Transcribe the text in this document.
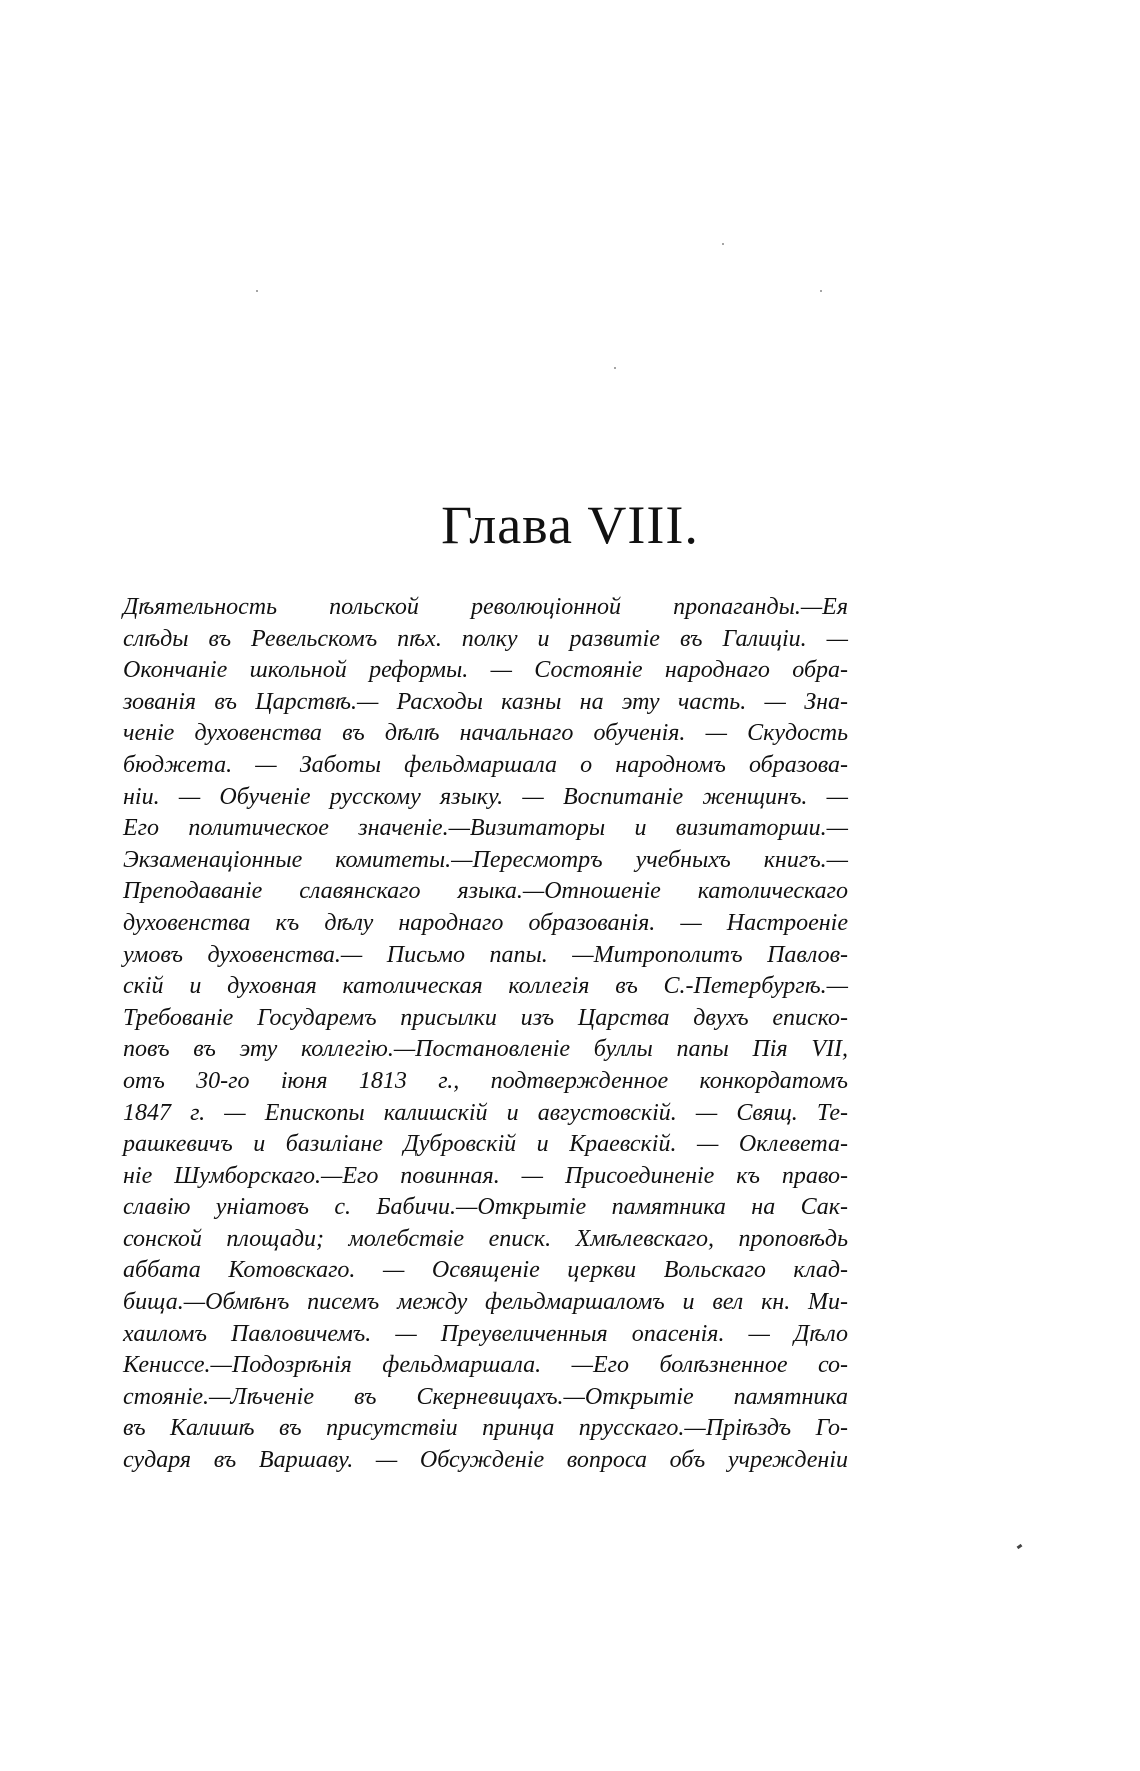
Глава VIII.
Дѣятельность польской революціонной пропаганды.—Ея
слѣды въ Ревельскомъ пѣх. полку и развитіе въ Галиціи. —
Окончаніе школьной реформы. — Состояніе народнаго обра-
зованія въ Царствѣ.— Расходы казны на эту часть. — Зна-
ченіе духовенства въ дѣлѣ начальнаго обученія. — Скудость
бюджета. — Заботы фельдмаршала о народномъ образова-
ніи. — Обученіе русскому языку. — Воспитаніе женщинъ. —
Его политическое значеніе.—Визитаторы и визитаторши.—
Экзаменаціонные комитеты.—Пересмотръ учебныхъ книгъ.—
Преподаваніе славянскаго языка.—Отношеніе католическаго
духовенства къ дѣлу народнаго образованія. — Настроеніе
умовъ духовенства.— Письмо папы. —Митрополитъ Павлов-
скій и духовная католическая коллегія въ С.-Петербургѣ.—
Требованіе Государемъ присылки изъ Царства двухъ еписко-
повъ въ эту коллегію.—Постановленіе буллы папы Пія VII,
отъ 30-го іюня 1813 г., подтвержденное конкордатомъ
1847 г. — Епископы калишскій и августовскій. — Свящ. Те-
рашкевичъ и базиліане Дубровскій и Краевскій. — Оклевета-
ніе Шумборскаго.—Его повинная. — Присоединеніе къ право-
славію уніатовъ с. Бабичи.—Открытіе памятника на Сак-
сонской площади; молебствіе еписк. Хмѣлевскаго, проповѣдь
аббата Котовскаго. — Освященіе церкви Вольскаго клад-
бища.—Обмѣнъ писемъ между фельдмаршаломъ и вел кн. Ми-
хаиломъ Павловичемъ. — Преувеличенныя опасенія. — Дѣло
Кениссе.—Подозрѣнія фельдмаршала. —Его болѣзненное со-
стояніе.—Лѣченіе въ Скерневицахъ.—Открытіе памятника
въ Калишѣ въ присутствіи принца прусскаго.—Пріѣздъ Го-
сударя въ Варшаву. — Обсужденіе вопроса объ учрежденіи
